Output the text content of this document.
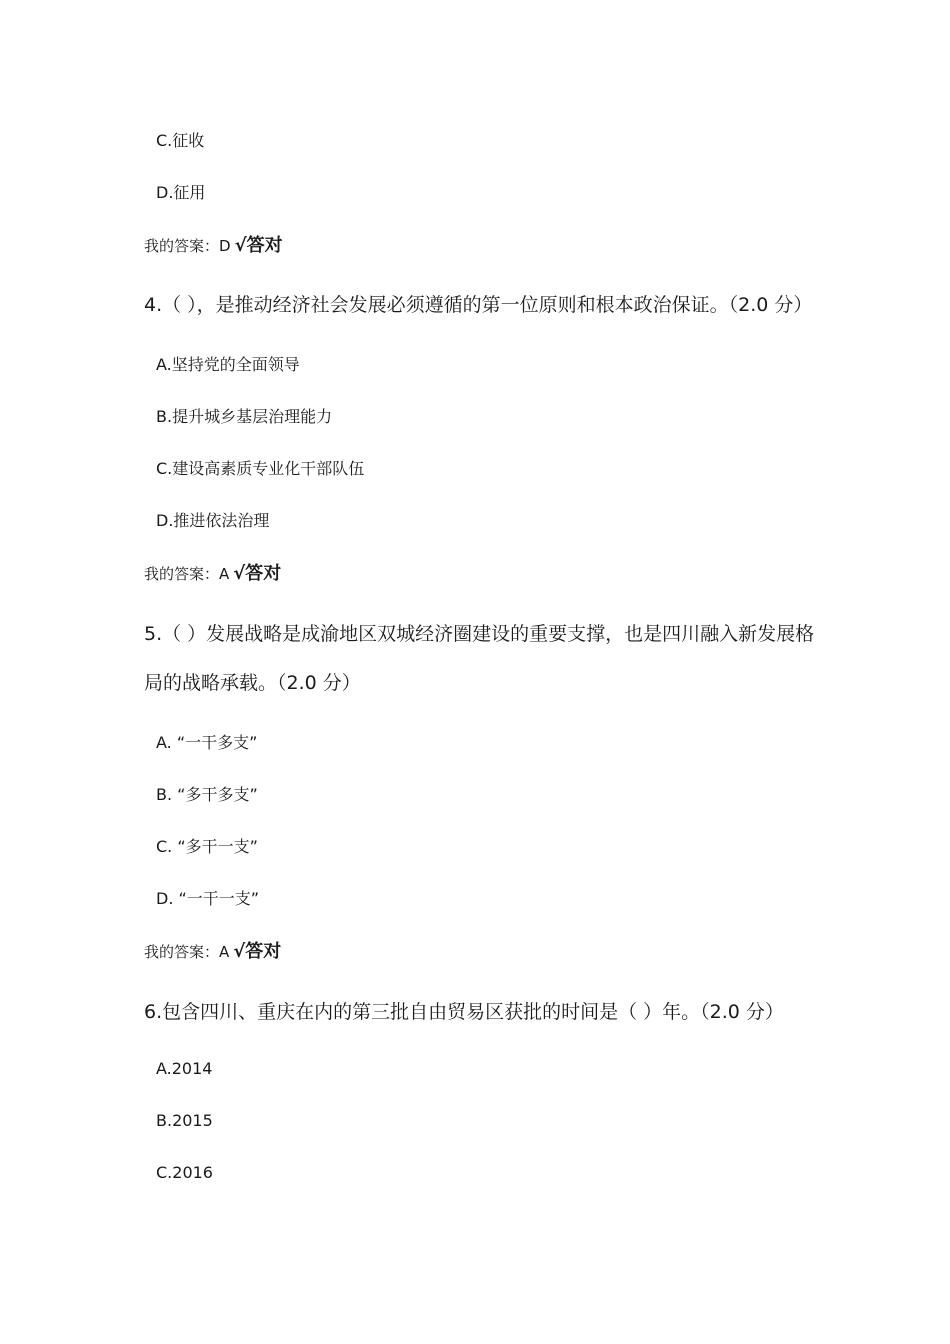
C.征收
D.征用
我的答案：D √答对
4.（ ），是推动经济社会发展必须遵循的第一位原则和根本政治保证。（2.0 分）
A.坚持党的全面领导
B.提升城乡基层治理能力
C.建设高素质专业化干部队伍
D.推进依法治理
我的答案：A √答对
5.（ ）发展战略是成渝地区双城经济圈建设的重要支撑，也是四川融入新发展格
局的战略承载。（2.0 分）
A. “一干多支”
B. “多干多支”
C. “多干一支”
D. “一干一支”
我的答案：A √答对
6.包含四川、重庆在内的第三批自由贸易区获批的时间是（ ）年。（2.0 分）
A.2014
B.2015
C.2016
